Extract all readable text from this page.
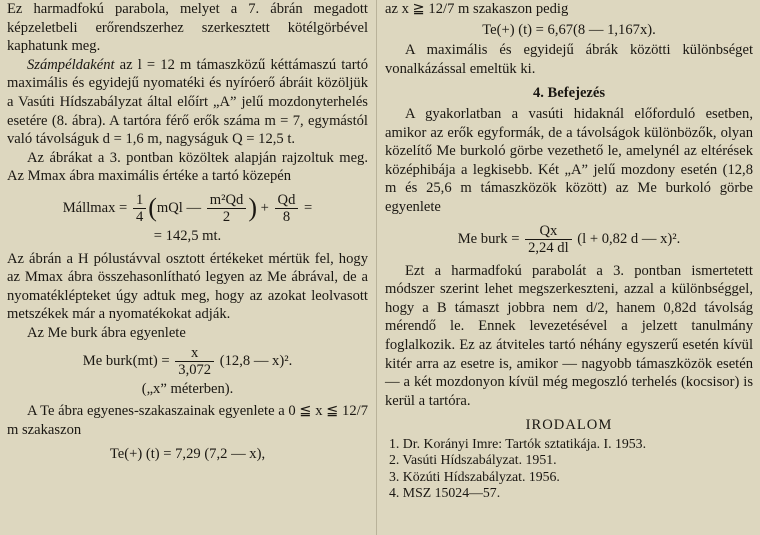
Ez harmadfokú parabola, melyet a 7. ábrán megadott képzeletbeli erőrendszerhez szerkesztett kötélgörbével kaphatunk meg.

Számpéldaként az l = 12 m támaszközű kéttámaszú tartó maximális és egyidejű nyomatéki és nyíróerő ábráit közöljük a Vasúti Hídszabályzat által előírt „A” jelű mozdonyterhelés esetére (8. ábra). A tartóra férő erők száma m = 7, egymástól való távolságuk d = 1,6 m, nagyságuk Q = 12,5 t.

Az ábrákat a 3. pontban közöltek alapján rajzoltuk meg. Az Mmax ábra maximális értéke a tartó közepén

Mállmax = $\frac{1}{4} (mQl$ — $\frac{\text{m²Qd}}{2}$ ) + $\frac{Qd}{8}$ =
= 142,5 mt.

Az ábrán a H pólustávval osztott értékeket mértük fel, hogy az Mmax ábra összehasonlítható legyen az Me ábrával, de a nyomatéklépteket úgy adtuk meg, hogy az azokat leolvasott metszékek már a nyomatékokat adják.

Az Me burk ábra egyenlete

Me burk(mt) = $\frac{x}{3,072} (12,8$ — x)².
(„x” méterben).

A Te ábra egyenes-szakaszainak egyenlete a 0 ≦ x ≦ 12/7 m szakaszon

Te(+) (t) = 7,29 (7,2 — x),

az x ≧ 12/7 m szakaszon pedig

Te(+) (t) = 6,67(8 — 1,167x).

A maximális és egyidejű ábrák közötti különbséget vonalkázással emeltük ki.

4. Befejezés

A gyakorlatban a vasúti hidaknál előforduló esetben, amikor az erők egyformák, de a távolságok különbözők, olyan közelítő Me burkoló görbe vezethető le, amelynél az eltérések középhibája a legkisebb. Két „A” jelű mozdony esetén (12,8 m és 25,6 m támaszközök között) az Me burkoló görbe egyenlete

Me burk = $\frac{Qx}{2,24 dl} (l + 0,82$ d — x)².

Ezt a harmadfokú parabolát a 3. pontban ismertetett módszer szerint lehet megszerkeszteni, azzal a különbséggel, hogy a B támaszt jobbra nem d/2, hanem 0,82d távolság mérendő le. Ennek levezetésével a jelzett tanulmány foglalkozik. Ez az átviteles tartó néhány egyszerű esetén kívül kitér arra az esetre is, amikor — nagyobb támaszközök esetén — a két mozdonyon kívül még megoszló terhelés (kocsisor) is kerül a tartóra.

IRODALOM
1. Dr. Korányi Imre: Tartók sztatikája. I. 1953.
2. Vasúti Hídszabályzat. 1951.
3. Közúti Hídszabályzat. 1956.
4. MSZ 15024—57.
